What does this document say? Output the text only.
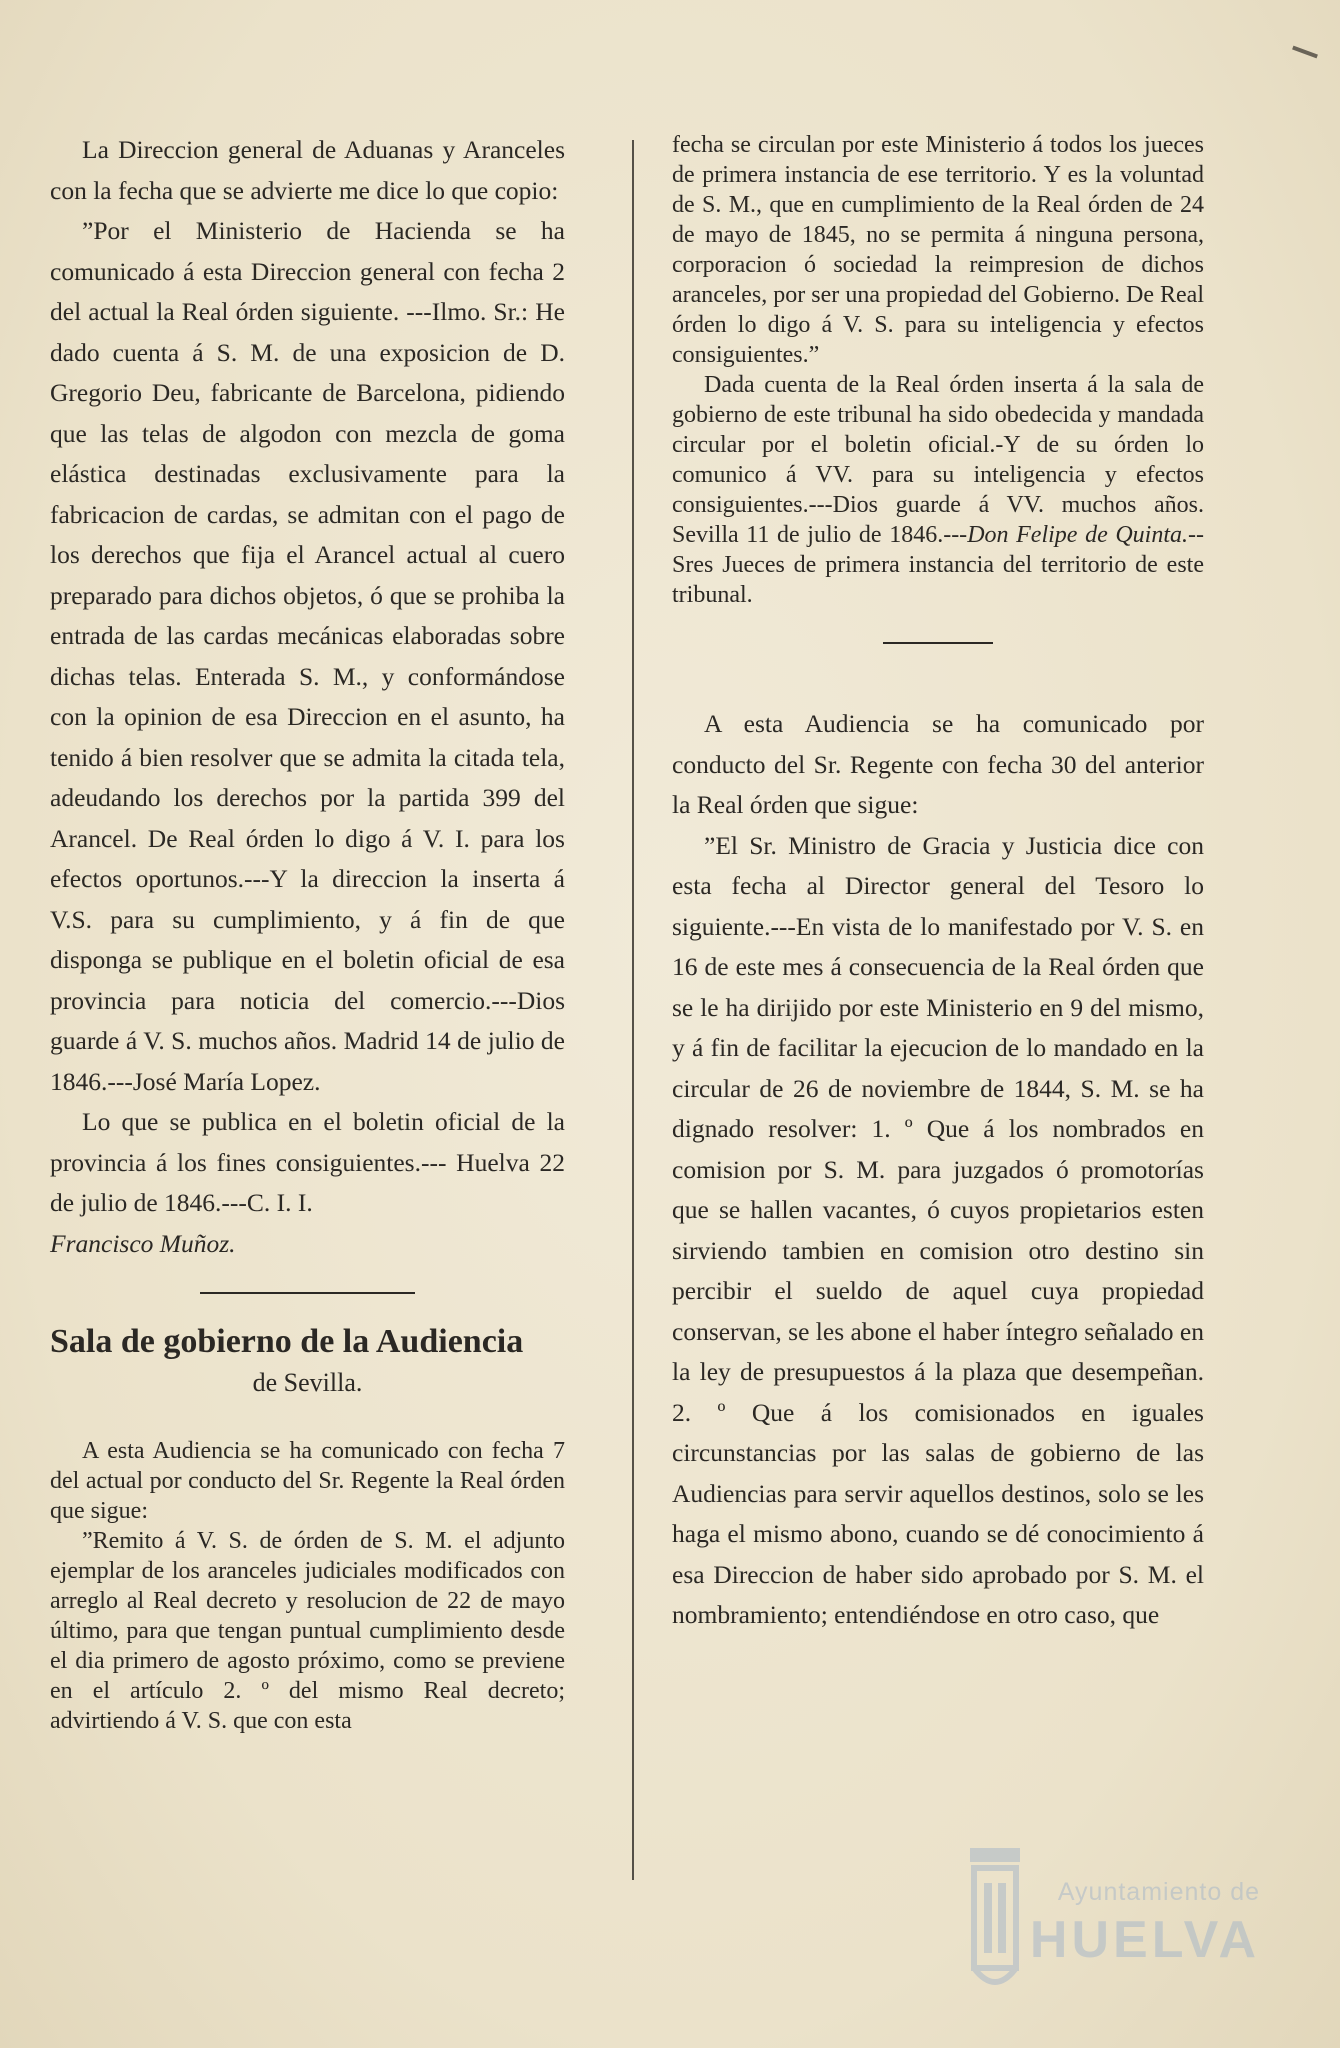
La Direccion general de Aduanas y Aranceles con la fecha que se advierte me dice lo que copio:

”Por el Ministerio de Hacienda se ha comunicado á esta Direccion general con fecha 2 del actual la Real órden siguiente. ---Ilmo. Sr.: He dado cuenta á S. M. de una exposicion de D. Gregorio Deu, fabricante de Barcelona, pidiendo que las telas de algodon con mezcla de goma elástica destinadas exclusivamente para la fabricacion de cardas, se admitan con el pago de los derechos que fija el Arancel actual al cuero preparado para dichos objetos, ó que se prohiba la entrada de las cardas mecánicas elaboradas sobre dichas telas. Enterada S. M., y conformándose con la opinion de esa Direccion en el asunto, ha tenido á bien resolver que se admita la citada tela, adeudando los derechos por la partida 399 del Arancel. De Real órden lo digo á V. I. para los efectos oportunos.---Y la direccion la inserta á V.S. para su cumplimiento, y á fin de que disponga se publique en el boletin oficial de esa provincia para noticia del comercio.---Dios guarde á V. S. muchos años. Madrid 14 de julio de 1846.---José María Lopez.

Lo que se publica en el boletin oficial de la provincia á los fines consiguientes.--- Huelva 22 de julio de 1846.---C. I. I.
Francisco Muñoz.

Sala de gobierno de la Audiencia

de Sevilla.

A esta Audiencia se ha comunicado con fecha 7 del actual por conducto del Sr. Regente la Real órden que sigue:

”Remito á V. S. de órden de S. M. el adjunto ejemplar de los aranceles judiciales modificados con arreglo al Real decreto y resolucion de 22 de mayo último, para que tengan puntual cumplimiento desde el dia primero de agosto próximo, como se previene en el artículo 2. º del mismo Real decreto; advirtiendo á V. S. que con esta

fecha se circulan por este Ministerio á todos los jueces de primera instancia de ese territorio. Y es la voluntad de S. M., que en cumplimiento de la Real órden de 24 de mayo de 1845, no se permita á ninguna persona, corporacion ó sociedad la reimpresion de dichos aranceles, por ser una propiedad del Gobierno. De Real órden lo digo á V. S. para su inteligencia y efectos consiguientes.”

Dada cuenta de la Real órden inserta á la sala de gobierno de este tribunal ha sido obedecida y mandada circular por el boletin oficial.-Y de su órden lo comunico á VV. para su inteligencia y efectos consiguientes.---Dios guarde á VV. muchos años. Sevilla 11 de julio de 1846.---Don Felipe de Quinta.--Sres Jueces de primera instancia del territorio de este tribunal.

A esta Audiencia se ha comunicado por conducto del Sr. Regente con fecha 30 del anterior la Real órden que sigue:

”El Sr. Ministro de Gracia y Justicia dice con esta fecha al Director general del Tesoro lo siguiente.---En vista de lo manifestado por V. S. en 16 de este mes á consecuencia de la Real órden que se le ha dirijido por este Ministerio en 9 del mismo, y á fin de facilitar la ejecucion de lo mandado en la circular de 26 de noviembre de 1844, S. M. se ha dignado resolver: 1. º Que á los nombrados en comision por S. M. para juzgados ó promotorías que se hallen vacantes, ó cuyos propietarios esten sirviendo tambien en comision otro destino sin percibir el sueldo de aquel cuya propiedad conservan, se les abone el haber íntegro señalado en la ley de presupuestos á la plaza que desempeñan. 2. º Que á los comisionados en iguales circunstancias por las salas de gobierno de las Audiencias para servir aquellos destinos, solo se les haga el mismo abono, cuando se dé conocimiento á esa Direccion de haber sido aprobado por S. M. el nombramiento; entendiéndose en otro caso, que

Ayuntamiento de
HUELVA
